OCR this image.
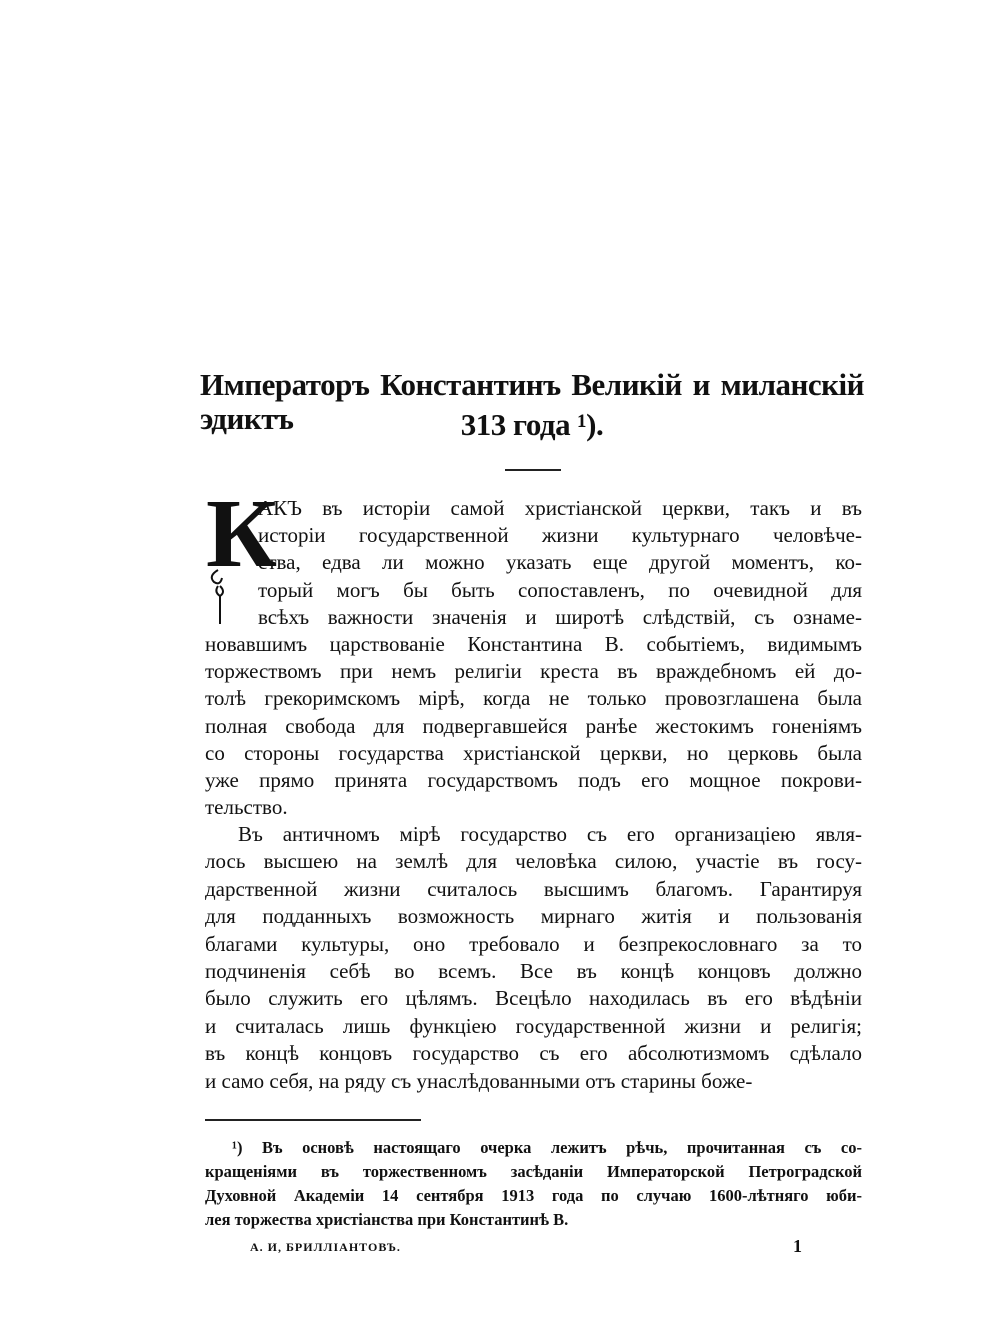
Императоръ Константинъ Великій и миланскій эдиктъ	313 года ¹).
К
АКЪ въ исторіи самой христіанской церкви, такъ и въ
исторіи государственной жизни культурнаго человѣче-
ства, едва ли можно указать еще другой моментъ, ко-
торый могъ бы быть сопоставленъ, по очевидной для
всѣхъ важности значенія и широтѣ слѣдствій, съ ознаме-
новавшимъ царствованіе Константина В. событіемъ, видимымъ
торжествомъ при немъ религіи креста въ враждебномъ ей до-
толѣ грекоримскомъ мірѣ, когда не только провозглашена была
полная свобода для подвергавшейся ранѣе жестокимъ гоненіямъ
со стороны государства христіанской церкви, но церковь была
уже прямо принята государствомъ подъ его мощное покрови-
тельство.
Въ античномъ мірѣ государство съ его организаціею явля-
лось высшею на землѣ для человѣка силою, участіе въ госу-
дарственной жизни считалось высшимъ благомъ. Гарантируя
для подданныхъ возможность мирнаго житія и пользованія
благами культуры, оно требовало и безпрекословнаго за то
подчиненія себѣ во всемъ. Все въ концѣ концовъ должно
было служить его цѣлямъ. Всецѣло находилась въ его вѣдѣніи
и считалась лишь функціею государственной жизни и религія;
въ концѣ концовъ государство съ его абсолютизмомъ сдѣлало
и само себя, на ряду съ унаслѣдованными отъ старины боже-
¹) Въ основѣ настоящаго очерка лежитъ рѣчь, прочитанная съ со-
кращеніями въ торжественномъ засѣданіи Императорской Петроградской
Духовной Академіи 14 сентября 1913 года по случаю 1600-лѣтняго юби-
лея торжества христіанства при Константинѣ В.
А. И, БРИЛЛІАНТОВЪ.	1
